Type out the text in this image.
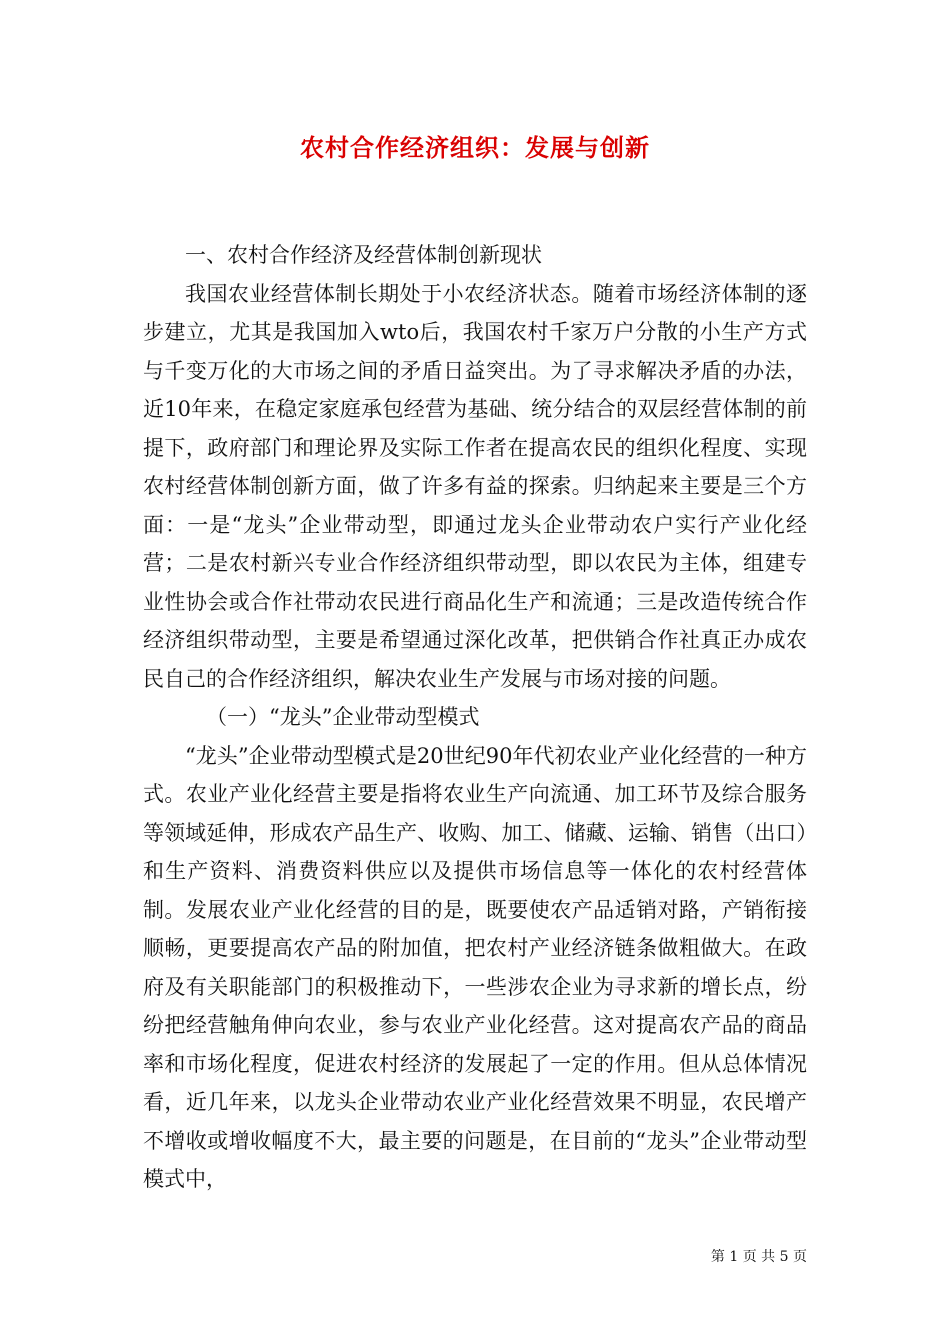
农村合作经济组织：发展与创新

一、农村合作经济及经营体制创新现状

我国农业经营体制长期处于小农经济状态。随着市场经济体制的逐步建立，尤其是我国加入wto后，我国农村千家万户分散的小生产方式与千变万化的大市场之间的矛盾日益突出。为了寻求解决矛盾的办法，近10年来，在稳定家庭承包经营为基础、统分结合的双层经营体制的前提下，政府部门和理论界及实际工作者在提高农民的组织化程度、实现农村经营体制创新方面，做了许多有益的探索。归纳起来主要是三个方面：一是“龙头”企业带动型，即通过龙头企业带动农户实行产业化经营；二是农村新兴专业合作经济组织带动型，即以农民为主体，组建专业性协会或合作社带动农民进行商品化生产和流通；三是改造传统合作经济组织带动型，主要是希望通过深化改革，把供销合作社真正办成农民自己的合作经济组织，解决农业生产发展与市场对接的问题。

（一）“龙头”企业带动型模式

“龙头”企业带动型模式是20世纪90年代初农业产业化经营的一种方式。农业产业化经营主要是指将农业生产向流通、加工环节及综合服务等领域延伸，形成农产品生产、收购、加工、储藏、运输、销售（出口）和生产资料、消费资料供应以及提供市场信息等一体化的农村经营体制。发展农业产业化经营的目的是，既要使农产品适销对路，产销衔接顺畅，更要提高农产品的附加值，把农村产业经济链条做粗做大。在政府及有关职能部门的积极推动下，一些涉农企业为寻求新的增长点，纷纷把经营触角伸向农业，参与农业产业化经营。这对提高农产品的商品率和市场化程度，促进农村经济的发展起了一定的作用。但从总体情况看，近几年来，以龙头企业带动农业产业化经营效果不明显，农民增产不增收或增收幅度不大，最主要的问题是，在目前的“龙头”企业带动型模式中，

第 1 页 共 5 页
